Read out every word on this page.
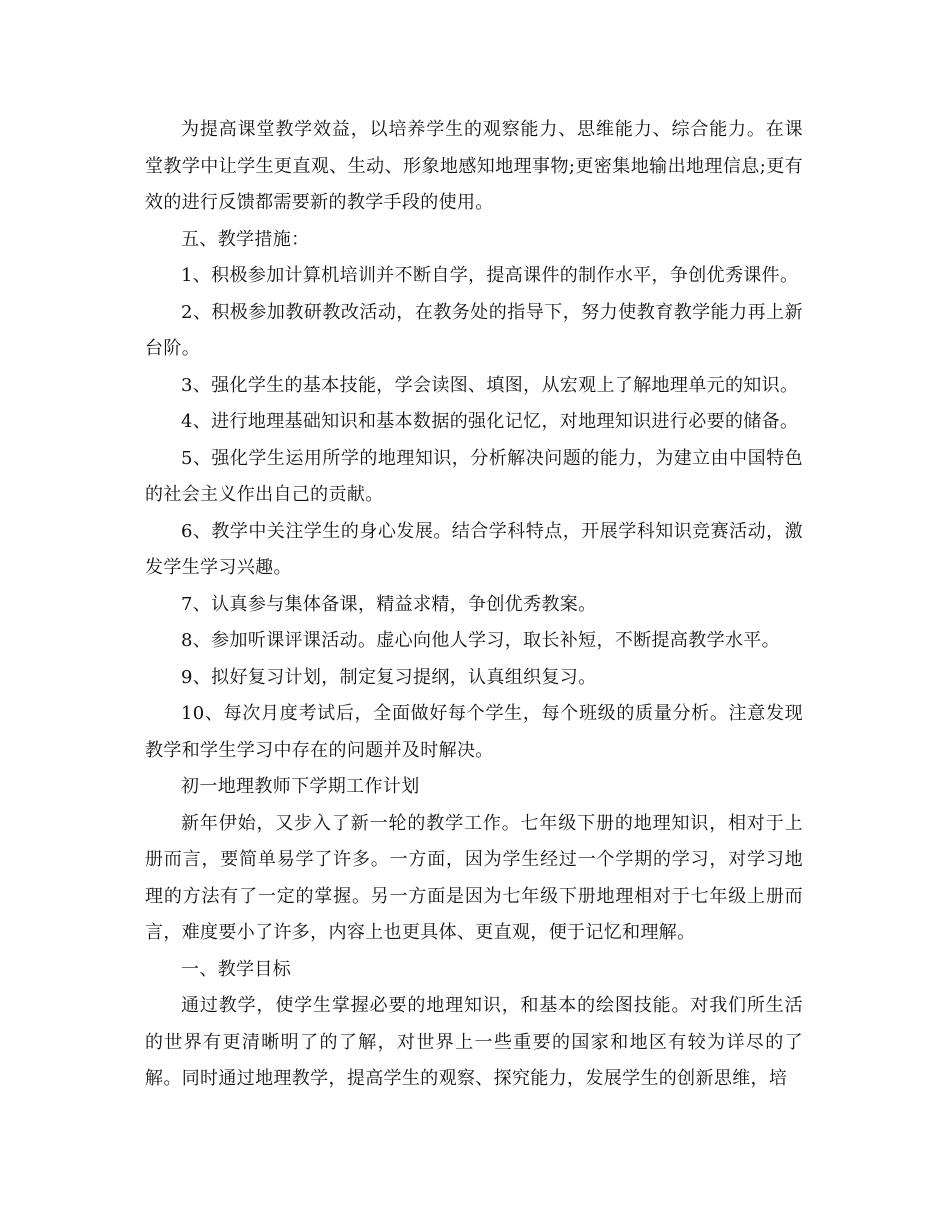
为提高课堂教学效益，以培养学生的观察能力、思维能力、综合能力。在课堂教学中让学生更直观、生动、形象地感知地理事物;更密集地输出地理信息;更有效的进行反馈都需要新的教学手段的使用。

五、教学措施：

1、积极参加计算机培训并不断自学，提高课件的制作水平，争创优秀课件。

2、积极参加教研教改活动，在教务处的指导下，努力使教育教学能力再上新台阶。

3、强化学生的基本技能，学会读图、填图，从宏观上了解地理单元的知识。

4、进行地理基础知识和基本数据的强化记忆，对地理知识进行必要的储备。

5、强化学生运用所学的地理知识，分析解决问题的能力，为建立由中国特色的社会主义作出自己的贡献。

6、教学中关注学生的身心发展。结合学科特点，开展学科知识竞赛活动，激发学生学习兴趣。

7、认真参与集体备课，精益求精，争创优秀教案。

8、参加听课评课活动。虚心向他人学习，取长补短，不断提高教学水平。

9、拟好复习计划，制定复习提纲，认真组织复习。

10、每次月度考试后，全面做好每个学生，每个班级的质量分析。注意发现教学和学生学习中存在的问题并及时解决。

初一地理教师下学期工作计划

新年伊始，又步入了新一轮的教学工作。七年级下册的地理知识，相对于上册而言，要简单易学了许多。一方面，因为学生经过一个学期的学习，对学习地理的方法有了一定的掌握。另一方面是因为七年级下册地理相对于七年级上册而言，难度要小了许多，内容上也更具体、更直观，便于记忆和理解。

一、教学目标

通过教学，使学生掌握必要的地理知识，和基本的绘图技能。对我们所生活的世界有更清晰明了的了解，对世界上一些重要的国家和地区有较为详尽的了解。同时通过地理教学，提高学生的观察、探究能力，发展学生的创新思维，培
